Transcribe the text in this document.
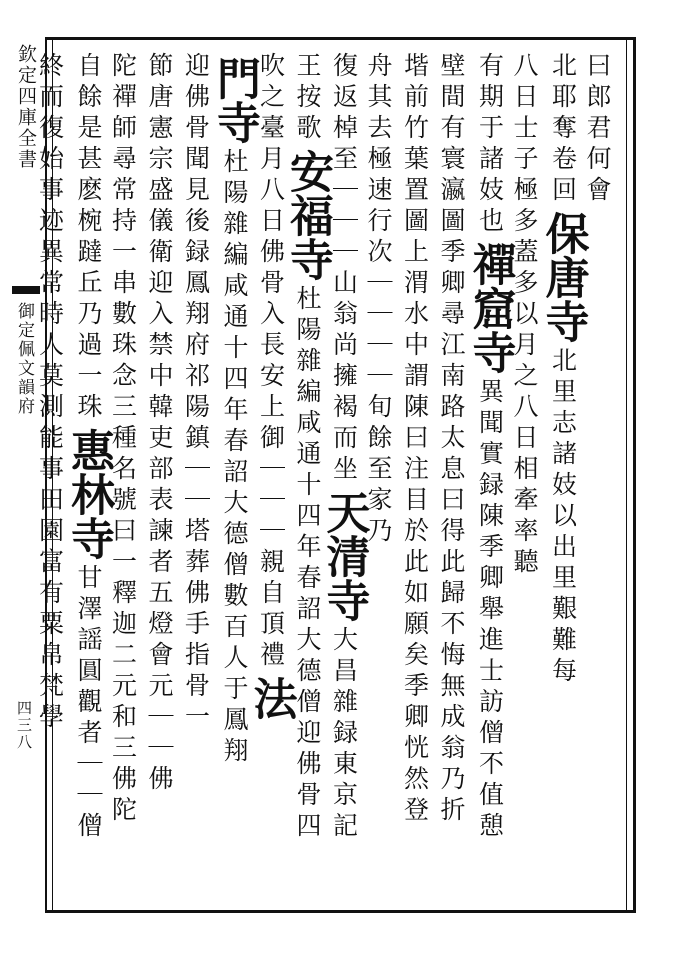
欽定四庫全書
御定佩文韻府
四三八
曰郎君何會
北耶奪卷回保唐寺北里志諸妓以出里艱難每
八日士子極多蓋多以月之八日相牽率聽
有期于諸妓也禪窟寺異聞實録陳季卿舉進士訪僧不值憩
壁間有寰瀛圖季卿尋江南路太息曰得此歸不悔無成翁乃折
堦前竹葉置圖上渭水中謂陳曰注目於此如願矣季卿恍然登
舟其去極速行次｜｜｜｜旬餘至家乃
復返棹至｜｜｜山翁尚擁褐而坐天清寺大昌雜録東京記
王按歌安福寺杜陽雜編咸通十四年春詔大德僧迎佛骨四
吹之臺月八日佛骨入長安上御｜｜｜親自頂禮法
門寺杜陽雜編咸通十四年春詔大德僧數百人于鳳翔
迎佛骨聞見後録鳳翔府祁陽鎮｜｜塔葬佛手指骨一
節唐憲宗盛儀衛迎入禁中韓吏部表諫者五燈會元｜｜佛
陀禪師尋常持一串數珠念三種名號曰一釋迦二元和三佛陀
自餘是甚麽椀躂丘乃過一珠惠林寺甘澤謡圓觀者｜｜僧
終而復始事迹異常時人莫測能事田園富有粟帛梵學
